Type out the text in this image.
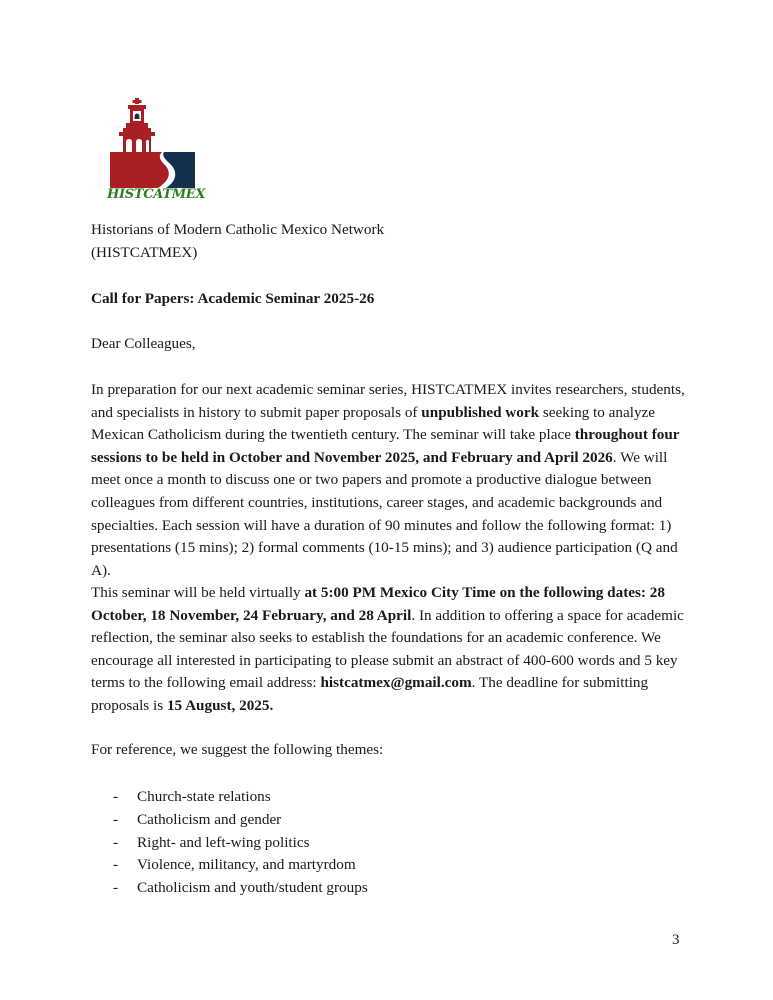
HISTCATMEX
Historians of Modern Catholic Mexico Network
(HISTCATMEX)
Call for Papers: Academic Seminar 2025-26
Dear Colleagues,
In preparation for our next academic seminar series, HISTCATMEX invites researchers, students, and specialists in history to submit paper proposals of unpublished work seeking to analyze Mexican Catholicism during the twentieth century. The seminar will take place throughout four sessions to be held in October and November 2025, and February and April 2026. We will meet once a month to discuss one or two papers and promote a productive dialogue between colleagues from different countries, institutions, career stages, and academic backgrounds and specialties. Each session will have a duration of 90 minutes and follow the following format: 1) presentations (15 mins); 2) formal comments (10-15 mins); and 3) audience participation (Q and A).
This seminar will be held virtually at 5:00 PM Mexico City Time on the following dates: 28 October, 18 November, 24 February, and 28 April. In addition to offering a space for academic reflection, the seminar also seeks to establish the foundations for an academic conference. We encourage all interested in participating to please submit an abstract of 400-600 words and 5 key terms to the following email address: histcatmex@gmail.com. The deadline for submitting proposals is 15 August, 2025.
For reference, we suggest the following themes:
-	Church-state relations
-	Catholicism and gender
-	Right- and left-wing politics
-	Violence, militancy, and martyrdom
-	Catholicism and youth/student groups
3
